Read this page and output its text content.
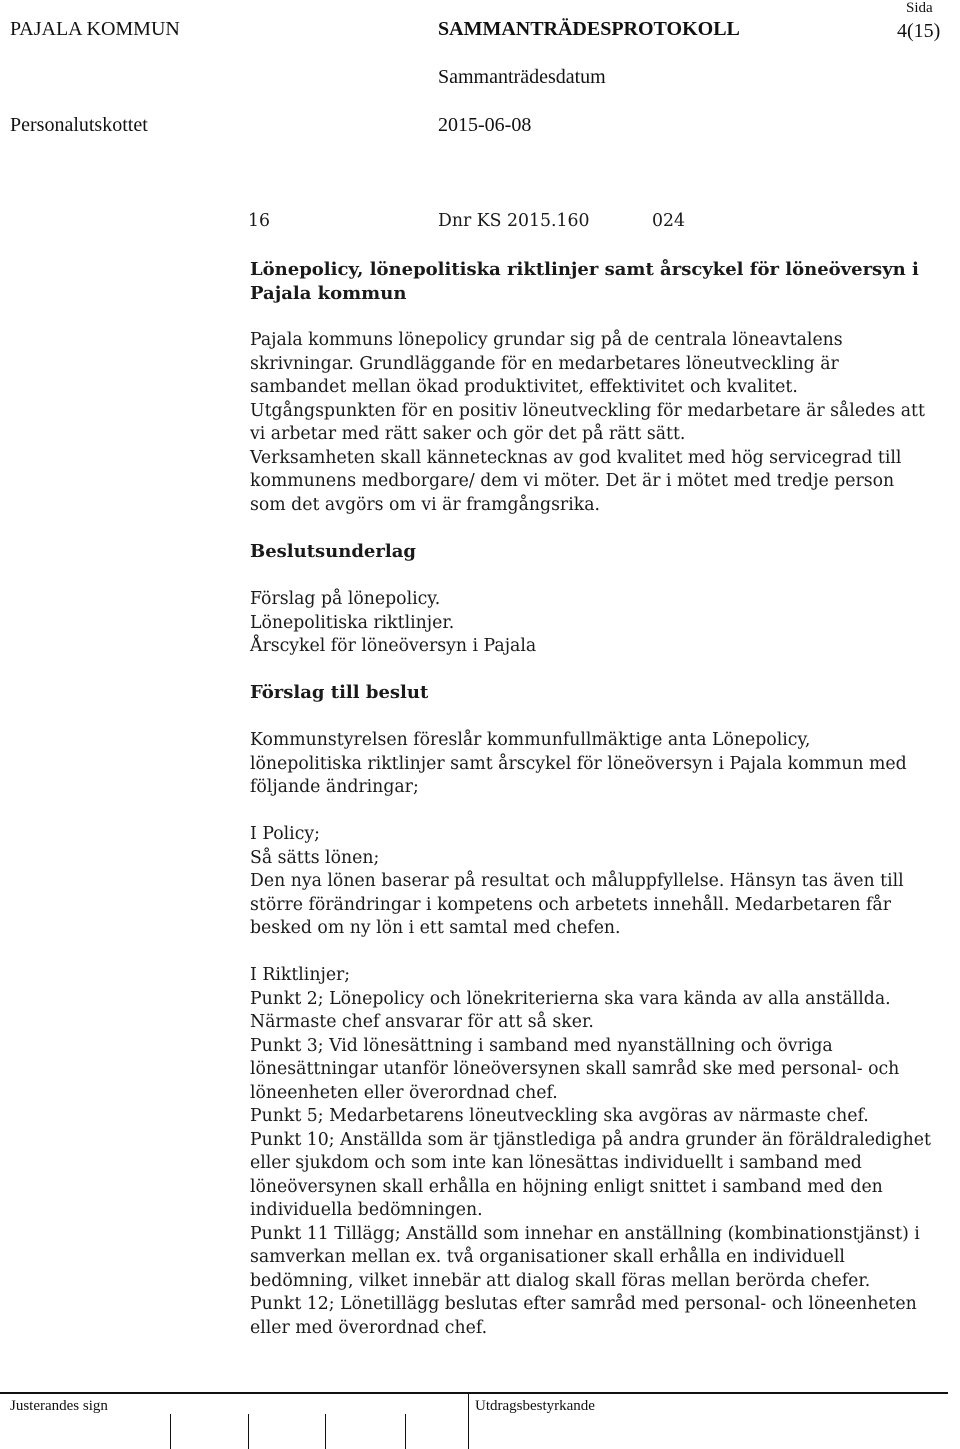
PAJALA KOMMUN	SAMMANTRÄDESPROTOKOLL
Sida
4(15)
Sammanträdesdatum
Personalutskottet	2015-06-08
16	Dnr KS 2015.160	024
Lönepolicy, lönepolitiska riktlinjer samt årscykel för löneöversyn i
Pajala kommun
Pajala kommuns lönepolicy grundar sig på de centrala löneavtalens
skrivningar. Grundläggande för en medarbetares löneutveckling är
sambandet mellan ökad produktivitet, effektivitet och kvalitet.
Utgångspunkten för en positiv löneutveckling för medarbetare är således att
vi arbetar med rätt saker och gör det på rätt sätt.
Verksamheten skall kännetecknas av god kvalitet med hög servicegrad till
kommunens medborgare/ dem vi möter. Det är i mötet med tredje person
som det avgörs om vi är framgångsrika.
Beslutsunderlag
Förslag på lönepolicy.
Lönepolitiska riktlinjer.
Årscykel för löneöversyn i Pajala
Förslag till beslut
Kommunstyrelsen föreslår kommunfullmäktige anta Lönepolicy,
lönepolitiska riktlinjer samt årscykel för löneöversyn i Pajala kommun med
följande ändringar;
I Policy;
Så sätts lönen;
Den nya lönen baserar på resultat och måluppfyllelse. Hänsyn tas även till
större förändringar i kompetens och arbetets innehåll. Medarbetaren får
besked om ny lön i ett samtal med chefen.
I Riktlinjer;
Punkt 2; Lönepolicy och lönekriterierna ska vara kända av alla anställda.
Närmaste chef ansvarar för att så sker.
Punkt 3; Vid lönesättning i samband med nyanställning och övriga
lönesättningar utanför löneöversynen skall samråd ske med personal- och
löneenheten eller överordnad chef.
Punkt 5; Medarbetarens löneutveckling ska avgöras av närmaste chef.
Punkt 10; Anställda som är tjänstlediga på andra grunder än föräldraledighet
eller sjukdom och som inte kan lönesättas individuellt i samband med
löneöversynen skall erhålla en höjning enligt snittet i samband med den
individuella bedömningen.
Punkt 11 Tillägg; Anställd som innehar en anställning (kombinationstjänst) i
samverkan mellan ex. två organisationer skall erhålla en individuell
bedömning, vilket innebär att dialog skall föras mellan berörda chefer.
Punkt 12; Lönetillägg beslutas efter samråd med personal- och löneenheten
eller med överordnad chef.
Justerandes sign	Utdragsbestyrkande
